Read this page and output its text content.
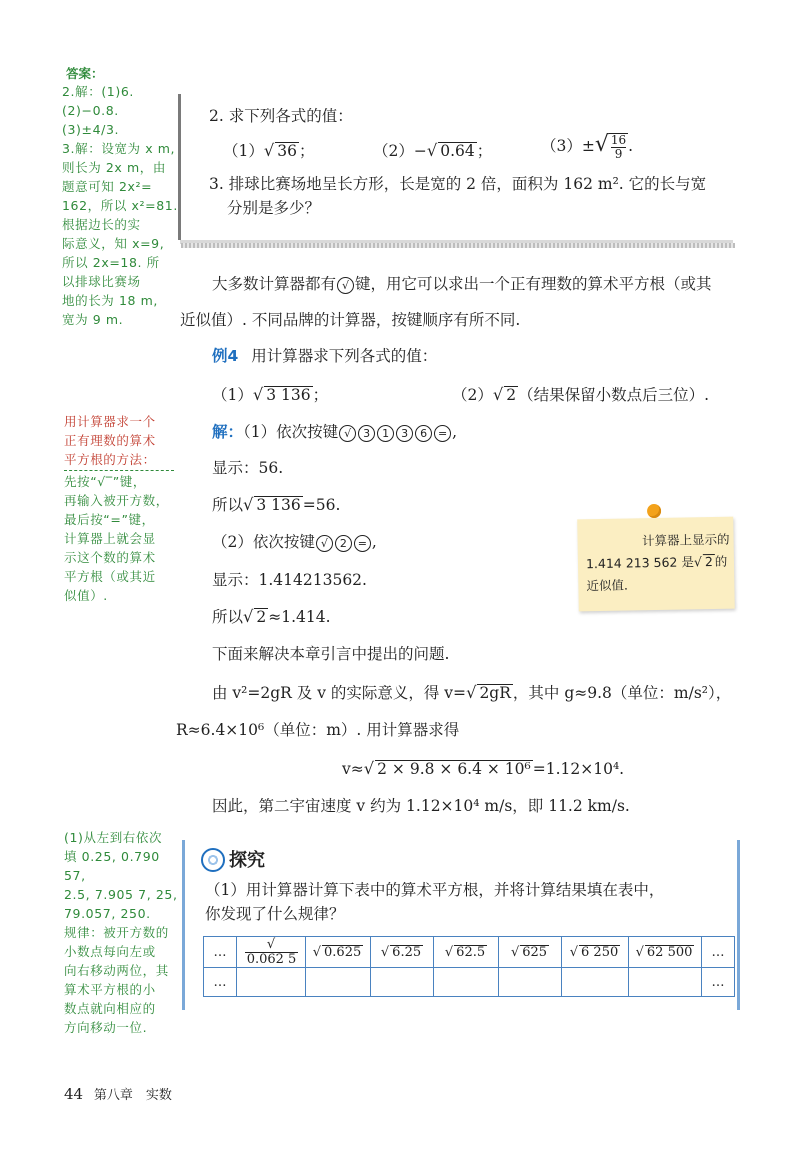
答案：
2.解：(1)6.
(2)−0.8.
(3)±4/3.
3.解：设宽为 x m,
则长为 2x m，由
题意可知 2x²=
162，所以 x²=81.
根据边长的实
际意义，知 x=9,
所以 2x=18. 所
以排球比赛场
地的长为 18 m,
宽为 9 m.
用计算器求一个
正有理数的算术
平方根的方法：
先按“√‾”键，
再输入被开方数，
最后按“=”键，
计算器上就会显
示这个数的算术
平方根（或其近
似值）.
(1)从左到右依次
填 0.25, 0.790 57,
2.5, 7.905 7, 25,
79.057, 250.
规律：被开方数的
小数点每向左或
向右移动两位，其
算术平方根的小
数点就向相应的
方向移动一位.
2. 求下列各式的值：
（1）√ 36 ；	（2）−√ 0.64 ；	$(3)\pm√ \frac{16}{9}$ .
3. 排球比赛场地呈长方形，长是宽的 2 倍，面积为 162 m². 它的长与宽
分别是多少？
大多数计算器都有 √ 键，用它可以求出一个正有理数的算术平方根（或其
近似值）. 不同品牌的计算器，按键顺序有所不同.
例4 用计算器求下列各式的值：
（1）√ 3 136 ；	（2）√ 2 （结果保留小数点后三位）.
解：（1）依次按键 √ 3 1 3 6 = ,
显示：56.
所以√ 3 136 =56.
（2）依次按键 √ 2 = ,
显示：1.414213562.
所以√ 2 ≈1.414.
下面来解决本章引言中提出的问题.
由 v²=2gR 及 v 的实际意义，得 v=√ 2gR ，其中 g≈9.8（单位：m/s²），
R≈6.4×10⁶（单位：m）. 用计算器求得
v≈√ 2 × 9.8 × 6.4 × 10⁶ =1.12×10⁴.
因此，第二宇宙速度 v 约为 1.12×10⁴ m/s，即 11.2 km/s.
计算器上显示的
1.414 213 562 是√ 2 的
近似值.
探究
（1）用计算器计算下表中的算术平方根，并将计算结果填在表中，
你发现了什么规律？
…	√0.062 5	√ 0.625	√ 6.25	√ 62.5	√ 625	√ 6 250	√ 62 500	…
…								…
44 第八章　实数
